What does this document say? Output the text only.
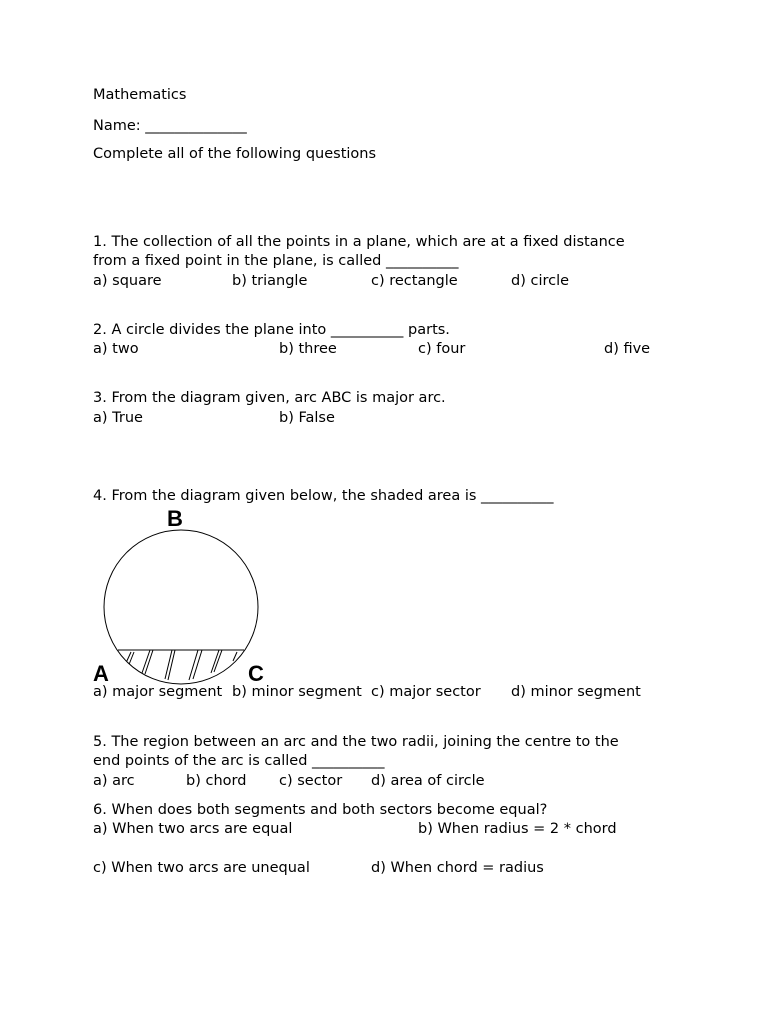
Mathematics
Name: ______________
Complete all of the following questions
1. The collection of all the points in a plane, which are at a fixed distance
from a fixed point in the plane, is called __________
a) square	b) triangle	c) rectangle	d) circle
2. A circle divides the plane into __________ parts.
a) two	b) three	c) four	d) five
3. From the diagram given, arc ABC is major arc.
a) True	b) False
4. From the diagram given below, the shaded area is __________
B
A	C
a) major segment b) minor segment c) major sector d) minor segment
5. The region between an arc and the two radii, joining the centre to the
end points of the arc is called __________
a) arc	b) chord c) sector d) area of circle
6. When does both segments and both sectors become equal?
a) When two arcs are equal	b) When radius = 2 * chord
c) When two arcs are unequal	d) When chord = radius
